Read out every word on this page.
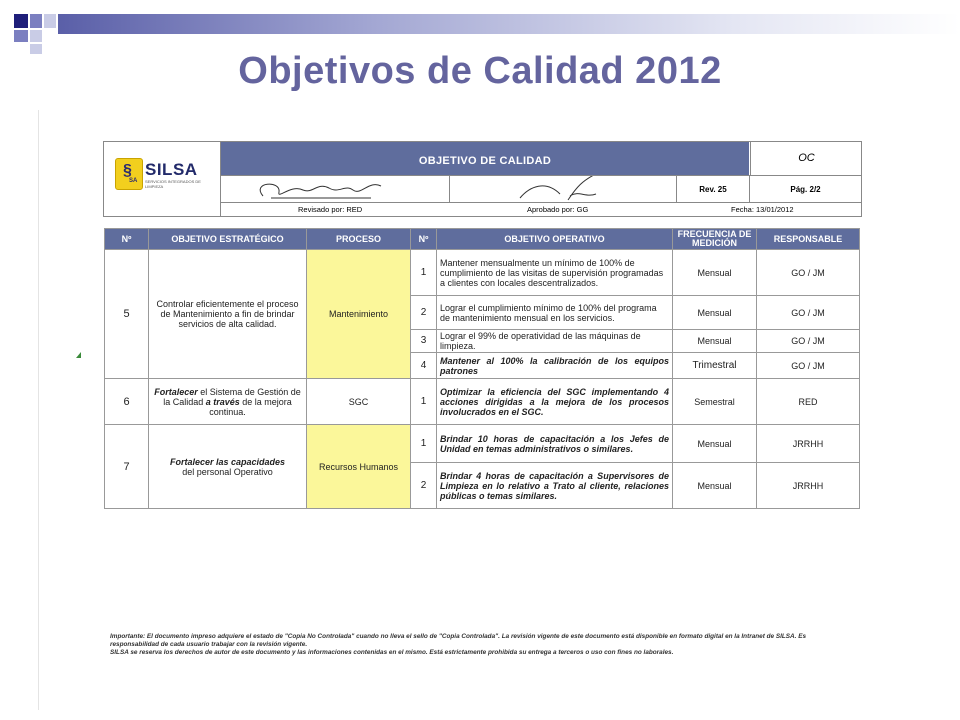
Objetivos de Calidad 2012
§
SA
SILSA
SERVICIOS INTEGRADOS DE LIMPIEZA
OBJETIVO DE CALIDAD	OC
Rev. 25	Pág. 2/2
Revisado por: RED	Aprobado por: GG	Fecha: 13/01/2012
Nº	OBJETIVO ESTRATÉGICO	PROCESO	Nº	OBJETIVO OPERATIVO	FRECUENCIA DE MEDICIÓN	RESPONSABLE
5	Controlar eficientemente el proceso de Mantenimiento a fin de brindar servicios de alta calidad.	Mantenimiento	1	Mantener mensualmente un mínimo de 100% de cumplimiento de las visitas de supervisión programadas a clientes con locales descentralizados.	Mensual	GO / JM
			2	Lograr el cumplimiento mínimo de 100% del programa de mantenimiento mensual en los servicios.	Mensual	GO / JM
			3	Lograr el 99% de operatividad de las máquinas de limpieza.	Mensual	GO / JM
			4	Mantener al 100% la calibración de los equipos patrones	Trimestral	GO / JM
6	Fortalecer el Sistema de Gestión de la Calidad a través de la mejora continua.	SGC	1	Optimizar la eficiencia del SGC implementando 4 acciones dirigidas a la mejora de los procesos involucrados en el SGC.	Semestral	RED
7	Fortalecer las capacidades
del personal Operativo	Recursos Humanos	1	Brindar 10 horas de capacitación a los Jefes de Unidad en temas administrativos o similares.	Mensual	JRRHH
			2	Brindar 4 horas de capacitación a Supervisores de Limpieza en lo relativo a Trato al cliente, relaciones públicas o temas similares.	Mensual	JRRHH
Importante: El documento impreso adquiere el estado de "Copia No Controlada" cuando no lleva el sello de "Copia Controlada". La revisión vigente de este documento está disponible en formato digital en la Intranet de SILSA. Es responsabilidad de cada usuario trabajar con la revisión vigente.
SILSA se reserva los derechos de autor de este documento y las informaciones contenidas en el mismo. Está estrictamente prohibida su entrega a terceros o uso con fines no laborales.
